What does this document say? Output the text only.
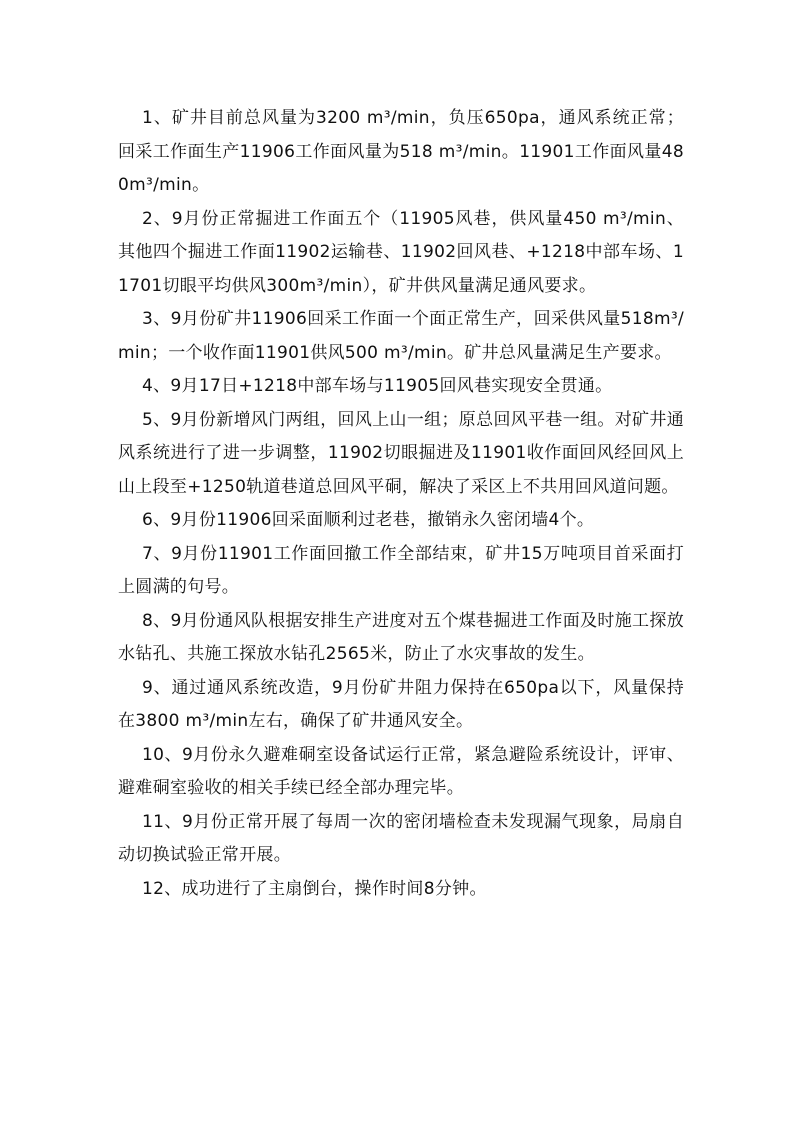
1、矿井目前总风量为3200 m³/min，负压650pa，通风系统正常；回采工作面生产11906工作面风量为518 m³/min。11901工作面风量480m³/min。

2、9月份正常掘进工作面五个（11905风巷，供风量450 m³/min、其他四个掘进工作面11902运输巷、11902回风巷、+1218中部车场、11701切眼平均供风300m³/min），矿井供风量满足通风要求。

3、9月份矿井11906回采工作面一个面正常生产，回采供风量518m³/min；一个收作面11901供风500 m³/min。矿井总风量满足生产要求。

4、9月17日+1218中部车场与11905回风巷实现安全贯通。

5、9月份新增风门两组，回风上山一组；原总回风平巷一组。对矿井通风系统进行了进一步调整，11902切眼掘进及11901收作面回风经回风上山上段至+1250轨道巷道总回风平硐，解决了采区上不共用回风道问题。

6、9月份11906回采面顺利过老巷，撤销永久密闭墙4个。

7、9月份11901工作面回撤工作全部结束，矿井15万吨项目首采面打上圆满的句号。

8、9月份通风队根据安排生产进度对五个煤巷掘进工作面及时施工探放水钻孔、共施工探放水钻孔2565米，防止了水灾事故的发生。

9、通过通风系统改造，9月份矿井阻力保持在650pa以下，风量保持在3800 m³/min左右，确保了矿井通风安全。

10、9月份永久避难硐室设备试运行正常，紧急避险系统设计，评审、避难硐室验收的相关手续已经全部办理完毕。

11、9月份正常开展了每周一次的密闭墙检查未发现漏气现象，局扇自动切换试验正常开展。

12、成功进行了主扇倒台，操作时间8分钟。
